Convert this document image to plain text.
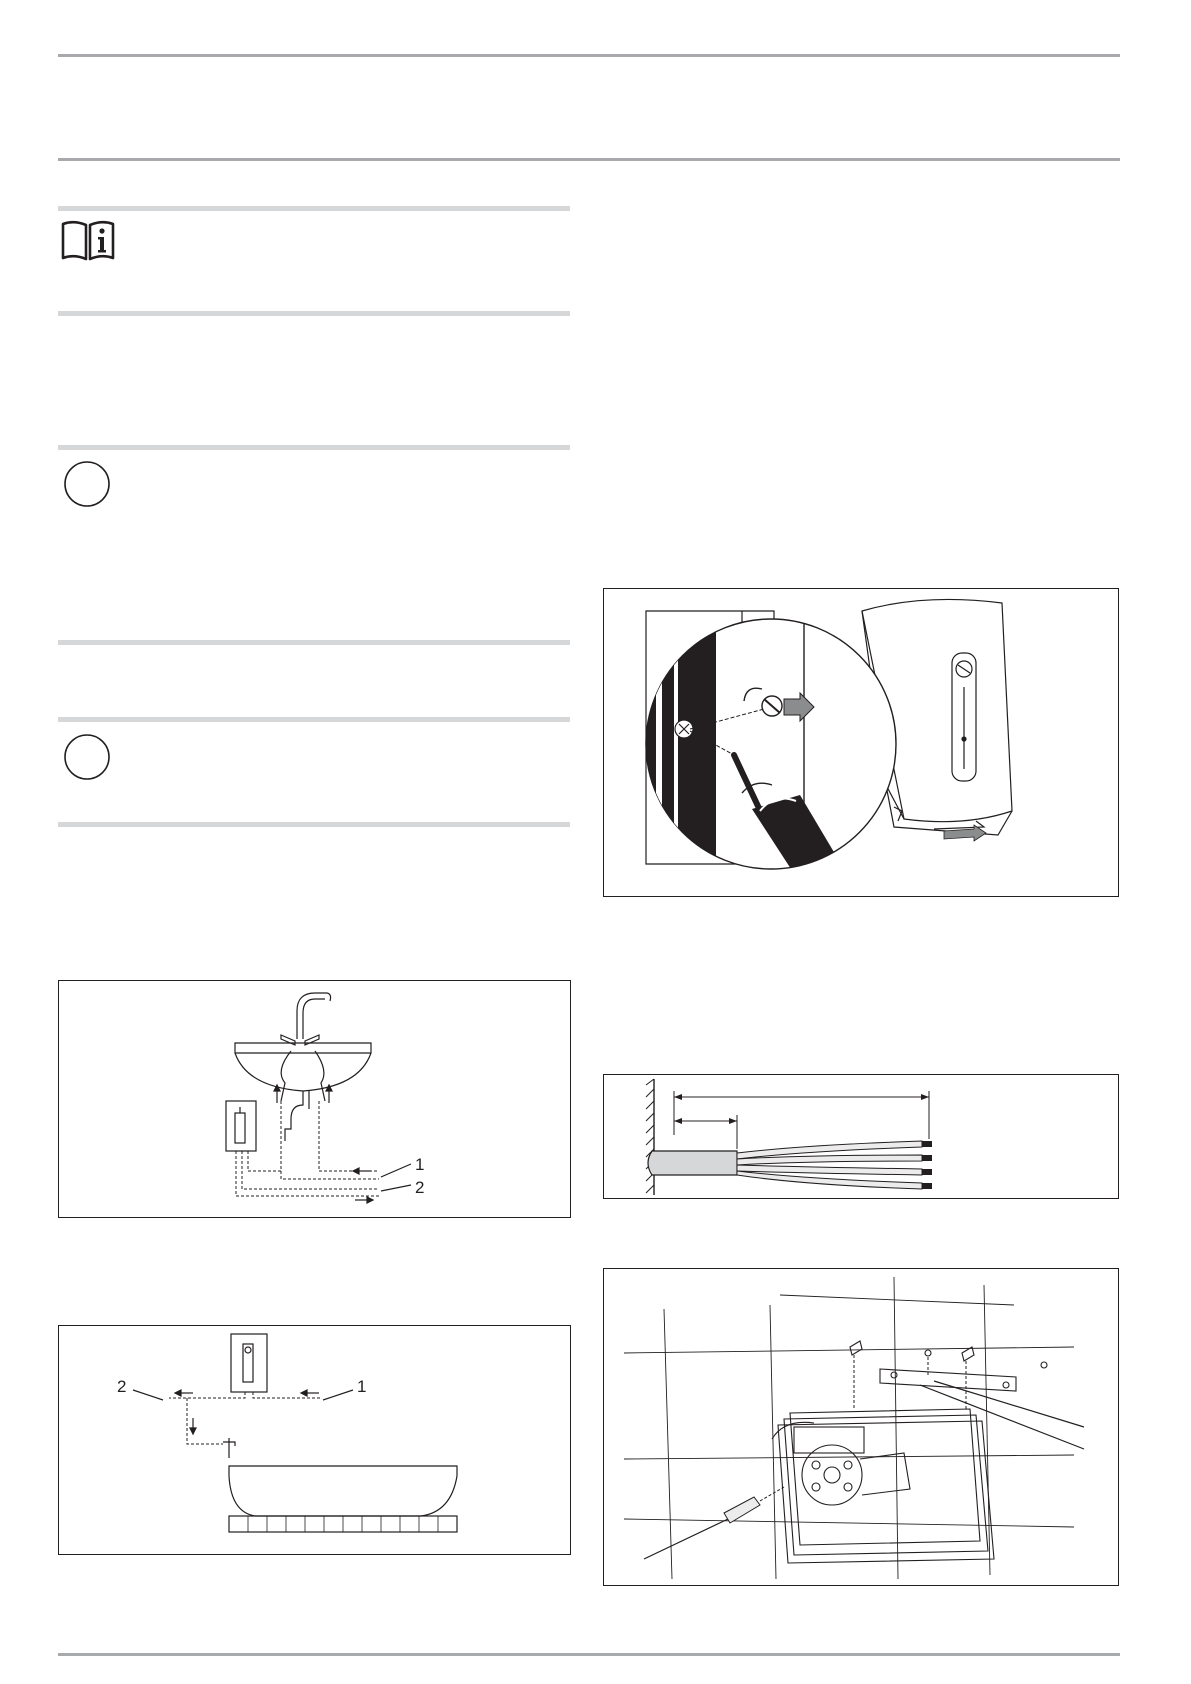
1
2
2	1
